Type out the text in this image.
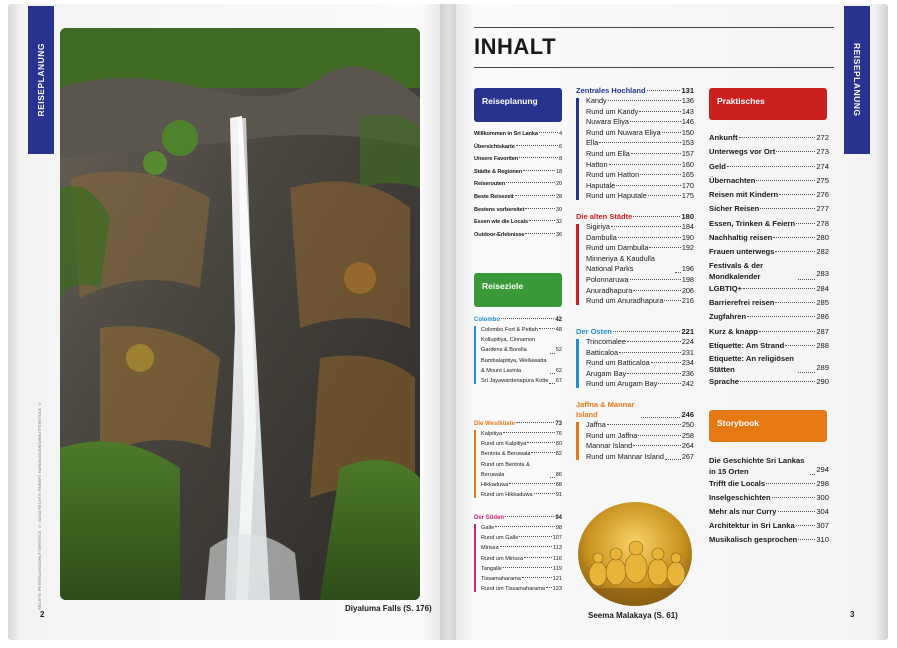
REISEPLANUNG
RECHTS: PETERSLONG/SHUTTERSTOCK ©; GANZ RECHTS: ROBERT HARDING/VIDEO/SHUTTERSTOCK ©	Diyaluma Falls (S. 176)
2
REISEPLANUNG
INHALT
Reiseplanung
Willkommen in Sri Lanka	4
Übersichtskarte	6
Unsere Favoriten	8
Städte & Regionen	18
Reiserouten	20
Beste Reisezeit	28
Bestens vorbereitet	30
Essen wie die Locals	32
Outdoor-Erlebnisse	36
Reiseziele
Colombo	42
Colombo Fort & Pettah	48
Kollupitiya, Cinnamon Gardens & Borella	52
Bambalapitiya, Wellawatta & Mount Lavinia	62
Sri Jayawardenapura Kotte 67
Die Westküste	73
Kalpitiya	76
Rund um Kalpitiya	80
Bentota & Beruwala	82
Rund um Bentota & Beruwala	86
Hikkaduwa	88
Rund um Hikkaduwa	91
Der Süden	94
Galle	98
Rund um Galle	107
Mirissa	113
Rund um Mirissa	116
Tangalle	119
Tissamaharama	121
Rund um Tissamaharama 123
Zentrales Hochland	131
Kandy	136
Rund um Kandy	143
Nuwara Eliya	146
Rund um Nuwara Eliya	150
Ella	153
Rund um Ella	157
Hatton	160
Rund um Hatton	165
Haputale	170
Rund um Haputale	175
Die alten Städte	180
Sigiriya	184
Dambulla	190
Rund um Dambulla	192
Minneriya & Kaudulla National Parks	196
Polonnaruwa	198
Anuradhapura	206
Rund um Anuradhapura	216
Der Osten	221
Trincomalee	224
Batticaloa	231
Rund um Batticaloa	234
Arugam Bay	236
Rund um Arugam Bay	242
Jaffna & Mannar Island	246
Jaffna	250
Rund um Jaffna	258
Mannar Island	264
Rund um Mannar Island 267
Praktisches
Ankunft	272
Unterwegs vor Ort	273
Geld	274
Übernachten	275
Reisen mit Kindern	276
Sicher Reisen	277
Essen, Trinken & Feiern	278
Nachhaltig reisen	280
Frauen unterwegs	282
Festivals & der Mondkalender	283
LGBTIQ+	284
Barrierefrei reisen	285
Zugfahren	286
Kurz & knapp	287
Etiquette: Am Strand	288
Etiquette: An religiösen Stätten	289
Sprache	290
Storybook
Die Geschichte Sri Lankas in 15 Orten	294
Trifft die Locals	298
Inselgeschichten	300
Mehr als nur Curry	304
Architektur in Sri Lanka	307
Musikalisch gesprochen	310
Seema Malakaya (S. 61)	3
